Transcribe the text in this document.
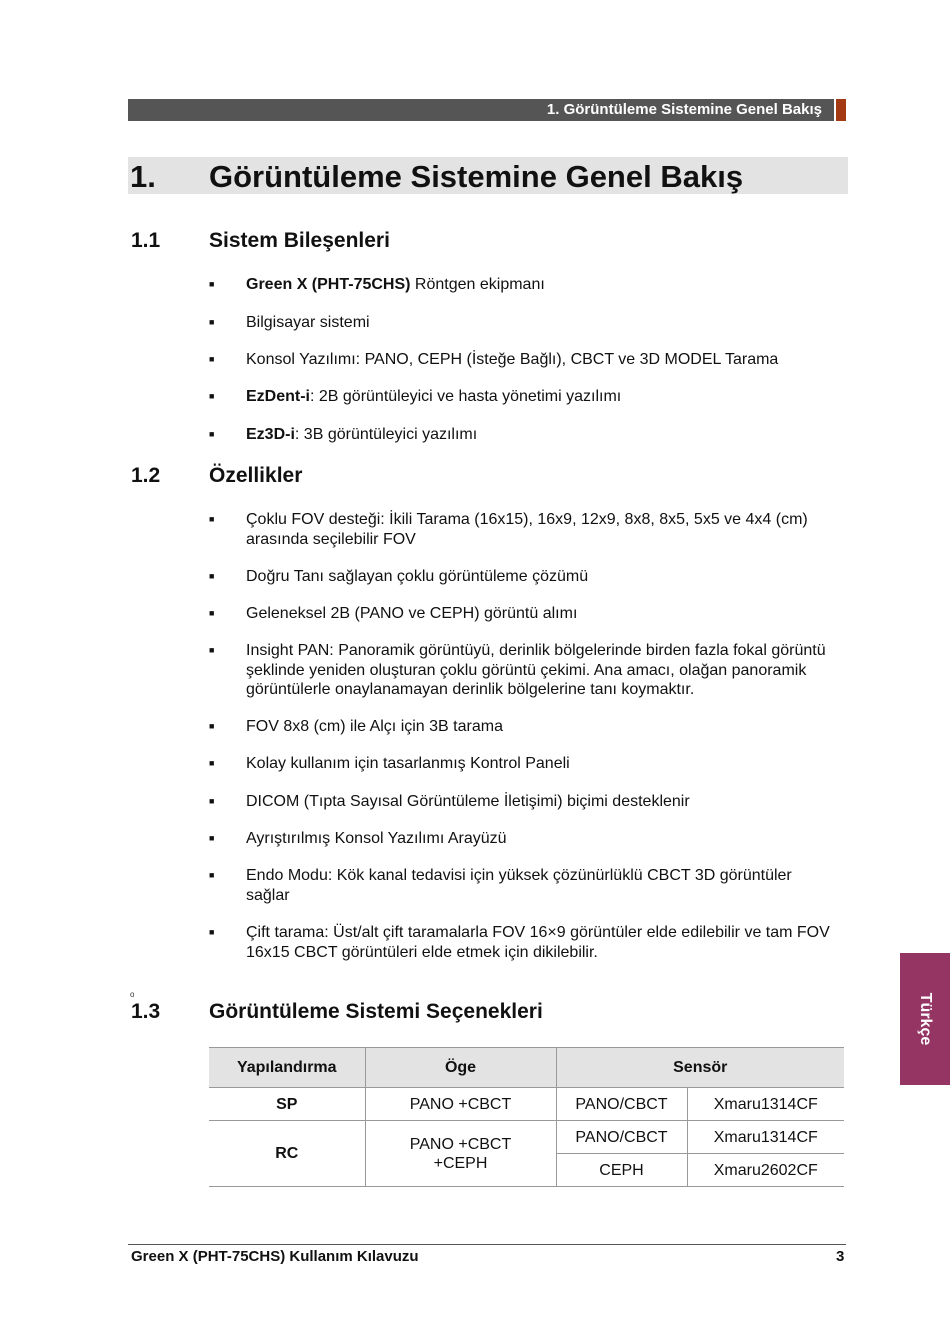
1. Görüntüleme Sistemine Genel Bakış
1. Görüntüleme Sistemine Genel Bakış
1.1 Sistem Bileşenleri
■ Green X (PHT-75CHS) Röntgen ekipmanı
■ Bilgisayar sistemi
■ Konsol Yazılımı: PANO, CEPH (İsteğe Bağlı), CBCT ve 3D MODEL Tarama
■ EzDent-i: 2B görüntüleyici ve hasta yönetimi yazılımı
■ Ez3D-i: 3B görüntüleyici yazılımı
1.2 Özellikler
■ Çoklu FOV desteği: İkili Tarama (16x15), 16x9, 12x9, 8x8, 8x5, 5x5 ve 4x4 (cm) arasında seçilebilir FOV
■ Doğru Tanı sağlayan çoklu görüntüleme çözümü
■ Geleneksel 2B (PANO ve CEPH) görüntü alımı
■ Insight PAN: Panoramik görüntüyü, derinlik bölgelerinde birden fazla fokal görüntü şeklinde yeniden oluşturan çoklu görüntü çekimi. Ana amacı, olağan panoramik görüntülerle onaylanamayan derinlik bölgelerine tanı koymaktır.
■ FOV 8x8 (cm) ile Alçı için 3B tarama
■ Kolay kullanım için tasarlanmış Kontrol Paneli
■ DICOM (Tıpta Sayısal Görüntüleme İletişimi) biçimi desteklenir
■ Ayrıştırılmış Konsol Yazılımı Arayüzü
■ Endo Modu: Kök kanal tedavisi için yüksek çözünürlüklü CBCT 3D görüntüler sağlar
■ Çift tarama: Üst/alt çift taramalarla FOV 16×9 görüntüler elde edilebilir ve tam FOV 16x15 CBCT görüntüleri elde etmek için dikilebilir.
o
1.3 Görüntüleme Sistemi Seçenekleri
Yapılandırma	Öge	Sensör	
SP	PANO +CBCT	PANO/CBCT	Xmaru1314CF
RC	PANO +CBCT +CEPH	PANO/CBCT	Xmaru1314CF
		CEPH	Xmaru2602CF
Green X (PHT-75CHS) Kullanım Kılavuzu	3
Türkçe
